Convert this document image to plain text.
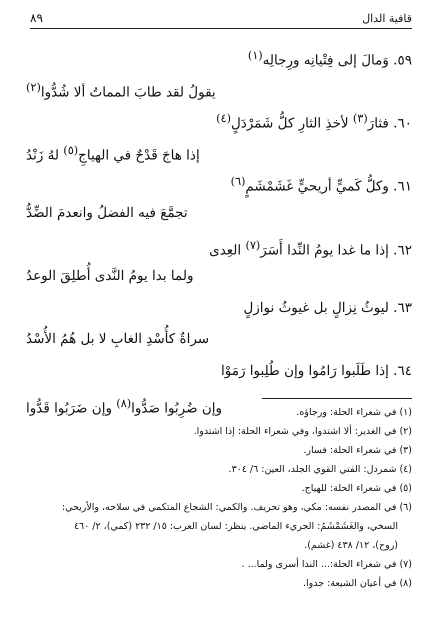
قافية الدال
٨٩
٥٩. وَمالَ إلى فِتْيانِه ورِجالِه$^{(١)}$
يقولُ لقد طابَ المماتُ ألا شُدُّوا$^{(٢)}$
٦٠. فثارَ$^{(٣)}$ لأخذِ الثارِ كلُّ شَمَرْدَلٍ$^{(٤)}$
إذا هاجَ قَدْحٌ في الهياجِ$^{(٥)}$ لهُ زَنْدُ
٦١. وكلُّ كَميٍّ أريحيٍّ غَشَمْشَمٍ$^{(٦)}$
تجمَّعَ فيه الفضلُ وانعدمَ الضِّدُّ
٦٢. إذا ما غدا يومُ النِّدا أَسَرَ$^{(٧)}$ العِدى
ولما بدا يومُ النَّدى أُطلِقَ الوعدُ
٦٣. ليوثُ نِزالٍ بل غيوثُ نوازلٍ
سراةٌ كأُسْدِ الغابِ لا بل هُمُ الأُسْدُ
٦٤. إذا طَلَبوا رَامُوا وإن طُلِبوا رَمَوْا
وإن ضُرِبُوا صَدُّوا$^{(٨)}$ وإن ضَرَبُوا قَدُّوا	(١) في شعراء الحلة: ورجاؤه.
(٢) في الغدير: ألا اشتدوا، وفي شعراء الحلة: إذا اشتدوا.
(٣) في شعراء الحلة: فسار.
(٤) شمردل: الفتي القوي الجلد، العين: ٦/ ٣٠٤.
(٥) في شعراء الحلة: للهياج.
(٦) في المصدر نفسه: مكي، وهو تحريف. والكمي: الشجاع المتكمي في سلاحه، والأريحي:
السخي، والغَشَمْشَمُ: الجريء الماضي. ينظر: لسان العرب: ١٥/ ٢٣٢ (كمي)، ٢/ ٤٦٠
(روح)، ١٢/ ٤٣٨ (غشم).
(٧) في شعراء الحلة:... الندا أسرى ولما... .
(٨) في أعيان الشيعة: جدوا.
